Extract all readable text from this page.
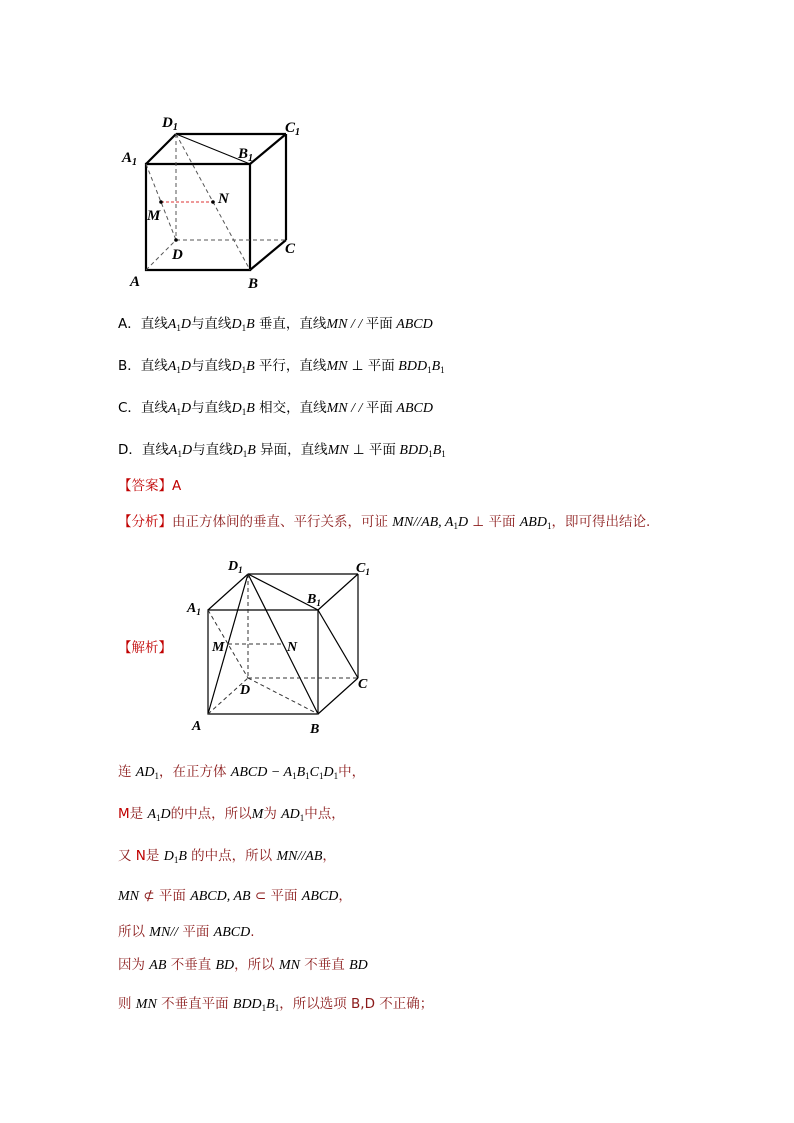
$D_1$	$C_1$
$A_1$
$B_1$
N
M
D	C
A	B
A．直线$A_1D$与直线$D_1B$ 垂直，直线MN / / 平面 ABCD
B．直线$A_1D$与直线$D_1B$ 平行，直线MN ⊥ 平面 $BDD_1B_1$
C．直线$A_1D$与直线$D_1B$ 相交，直线MN / / 平面 ABCD
D．直线$A_1D$与直线$D_1B$ 异面，直线MN ⊥ 平面 $BDD_1B_1$
【答案】A
【分析】由正方体间的垂直、平行关系，可证 MN//AB, $A_1D$ ⊥ 平面 $ABD_1$，即可得出结论.
【解析】
$D_1$	$C_1$
$A_1$
$B_1$
M	N
D	C
A	B
连 $AD_1$，在正方体 ABCD − $A_1B_1C_1D_1$中，
M是 $A_1D$的中点，所以M为 $AD_1$中点，
又 N是 $D_1B$ 的中点，所以 MN//AB，
MN ⊄ 平面 ABCD, AB ⊂ 平面 ABCD，
所以 MN// 平面 ABCD.
因为 AB 不垂直 BD，所以 MN 不垂直 BD
则 MN 不垂直平面 $BDD_1B_1$，所以选项 B,D 不正确；
